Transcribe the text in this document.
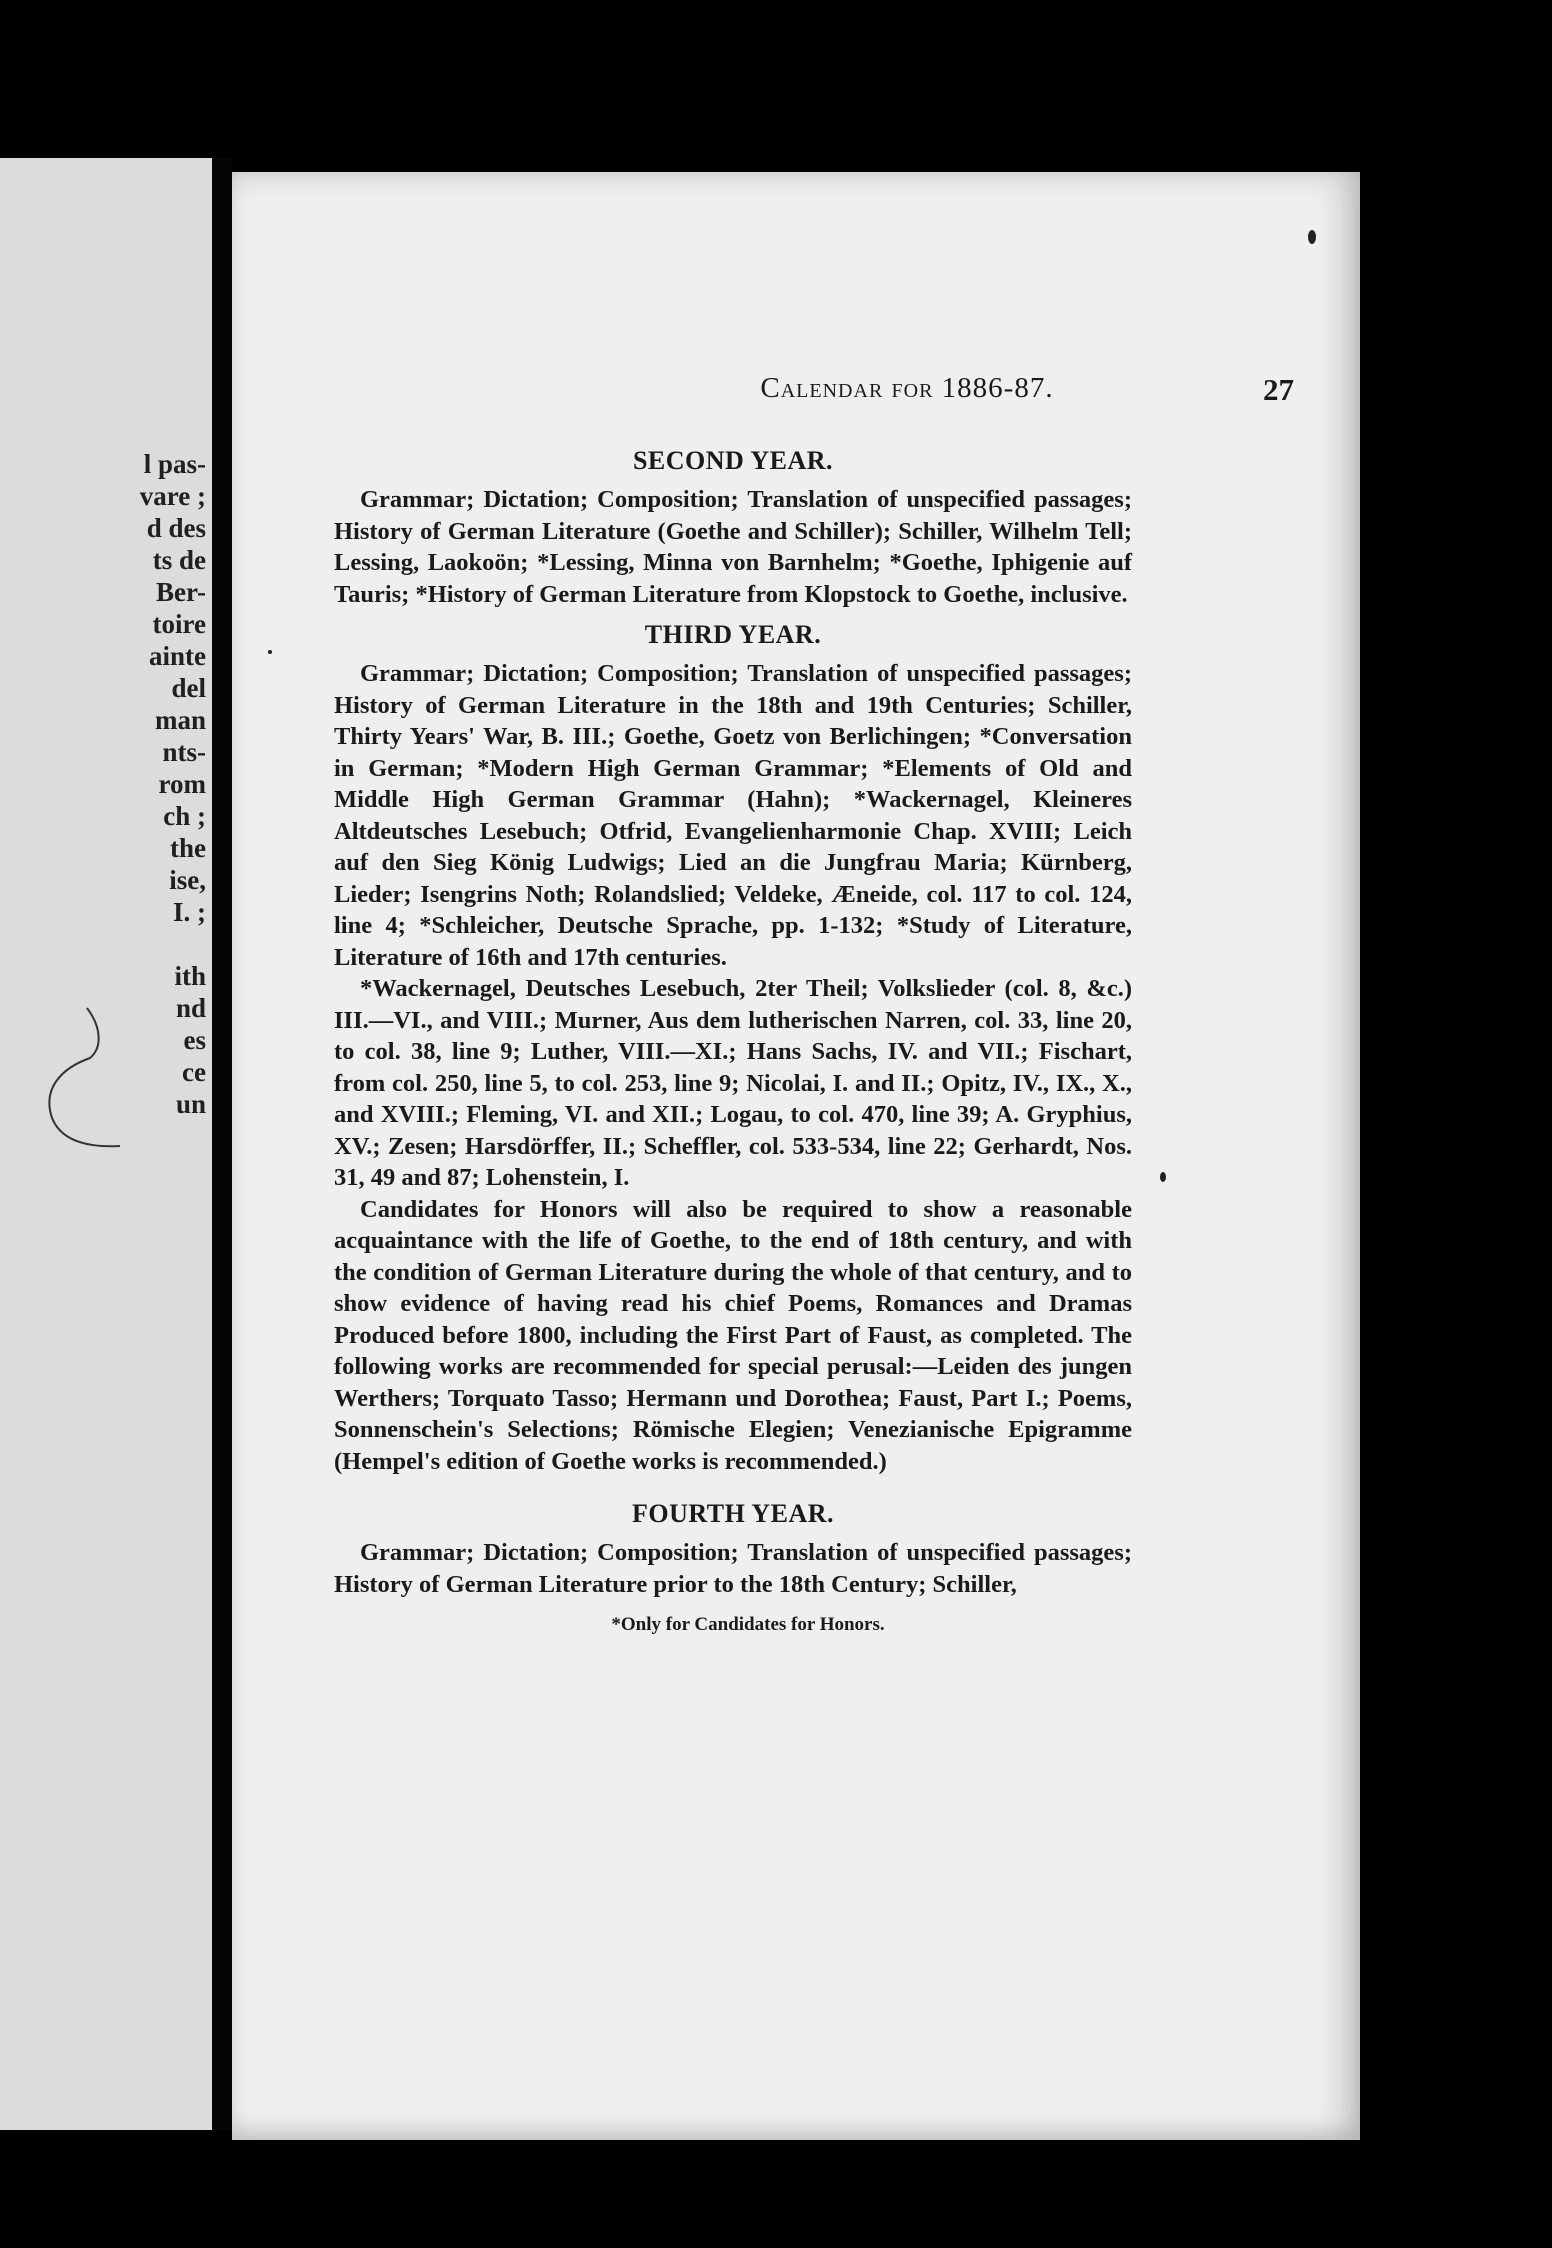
l pas-
vare ;
d des
ts de
Ber-
toire
ainte
del
man
nts-
rom
ch ;
the
ise,
I. ;
ith
nd
es
ce
un
Calendar for 1886-87.	27
SECOND YEAR.

Grammar; Dictation; Composition; Translation of unspecified passages; History of German Literature (Goethe and Schiller); Schiller, Wilhelm Tell; Lessing, Laokoön; *Lessing, Minna von Barnhelm; *Goethe, Iphigenie auf Tauris; *History of German Literature from Klopstock to Goethe, inclusive.

THIRD YEAR.

Grammar; Dictation; Composition; Translation of unspecified passages; History of German Literature in the 18th and 19th Centuries; Schiller, Thirty Years' War, B. III.; Goethe, Goetz von Berlichingen; *Conversation in German; *Modern High German Grammar; *Elements of Old and Middle High German Grammar (Hahn); *Wackernagel, Kleineres Altdeutsches Lesebuch; Otfrid, Evangelienharmonie Chap. XVIII; Leich auf den Sieg König Ludwigs; Lied an die Jungfrau Maria; Kürnberg, Lieder; Isengrins Noth; Rolandslied; Veldeke, Æneide, col. 117 to col. 124, line 4; *Schleicher, Deutsche Sprache, pp. 1-132; *Study of Literature, Literature of 16th and 17th centuries.

*Wackernagel, Deutsches Lesebuch, 2ter Theil; Volkslieder (col. 8, &c.) III.—VI., and VIII.; Murner, Aus dem lutherischen Narren, col. 33, line 20, to col. 38, line 9; Luther, VIII.—XI.; Hans Sachs, IV. and VII.; Fischart, from col. 250, line 5, to col. 253, line 9; Nicolai, I. and II.; Opitz, IV., IX., X., and XVIII.; Fleming, VI. and XII.; Logau, to col. 470, line 39; A. Gryphius, XV.; Zesen; Harsdörffer, II.; Scheffler, col. 533-534, line 22; Gerhardt, Nos. 31, 49 and 87; Lohenstein, I.

Candidates for Honors will also be required to show a reasonable acquaintance with the life of Goethe, to the end of 18th century, and with the condition of German Literature during the whole of that century, and to show evidence of having read his chief Poems, Romances and Dramas Produced before 1800, including the First Part of Faust, as completed. The following works are recommended for special perusal:—Leiden des jungen Werthers; Torquato Tasso; Hermann und Dorothea; Faust, Part I.; Poems, Sonnenschein's Selections; Römische Elegien; Venezianische Epigramme (Hempel's edition of Goethe works is recommended.)

FOURTH YEAR.

Grammar; Dictation; Composition; Translation of unspecified passages; History of German Literature prior to the 18th Century; Schiller,

*Only for Candidates for Honors.
